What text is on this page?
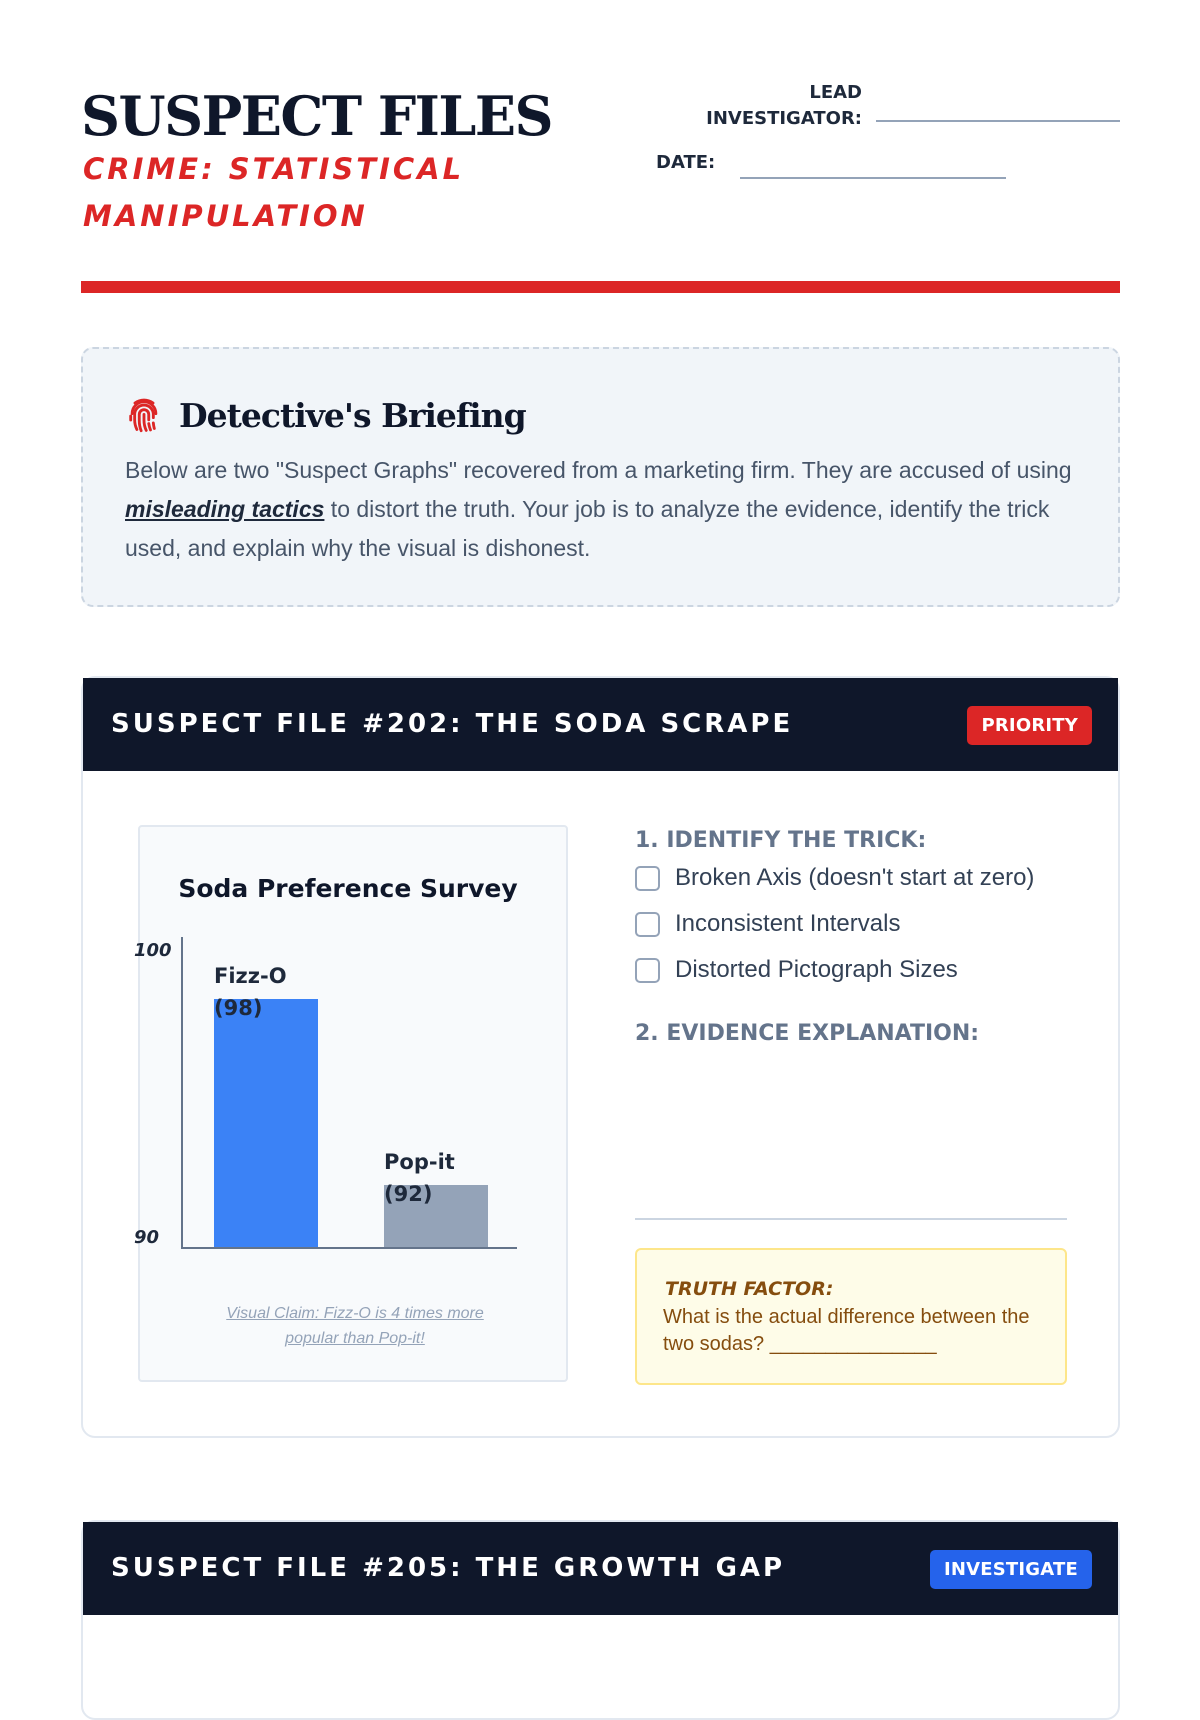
SUSPECT FILES
CRIME: STATISTICAL MANIPULATION
LEAD INVESTIGATOR:
DATE:
Detective's Briefing
Below are two "Suspect Graphs" recovered from a marketing firm. They are accused of using misleading tactics to distort the truth. Your job is to analyze the evidence, identify the trick used, and explain why the visual is dishonest.
SUSPECT FILE #202: THE SODA SCRAPE	PRIORITY
Soda Preference Survey
Fizz-O
(98)
Pop-it
(92)
100
90
Visual Claim: Fizz-O is 4 times more popular than Pop-it!
1. IDENTIFY THE TRICK:
Broken Axis (doesn't start at zero)
Inconsistent Intervals
Distorted Pictograph Sizes
2. EVIDENCE EXPLANATION:
TRUTH FACTOR:
What is the actual difference between the two sodas? _______________
SUSPECT FILE #205: THE GROWTH GAP	INVESTIGATE
